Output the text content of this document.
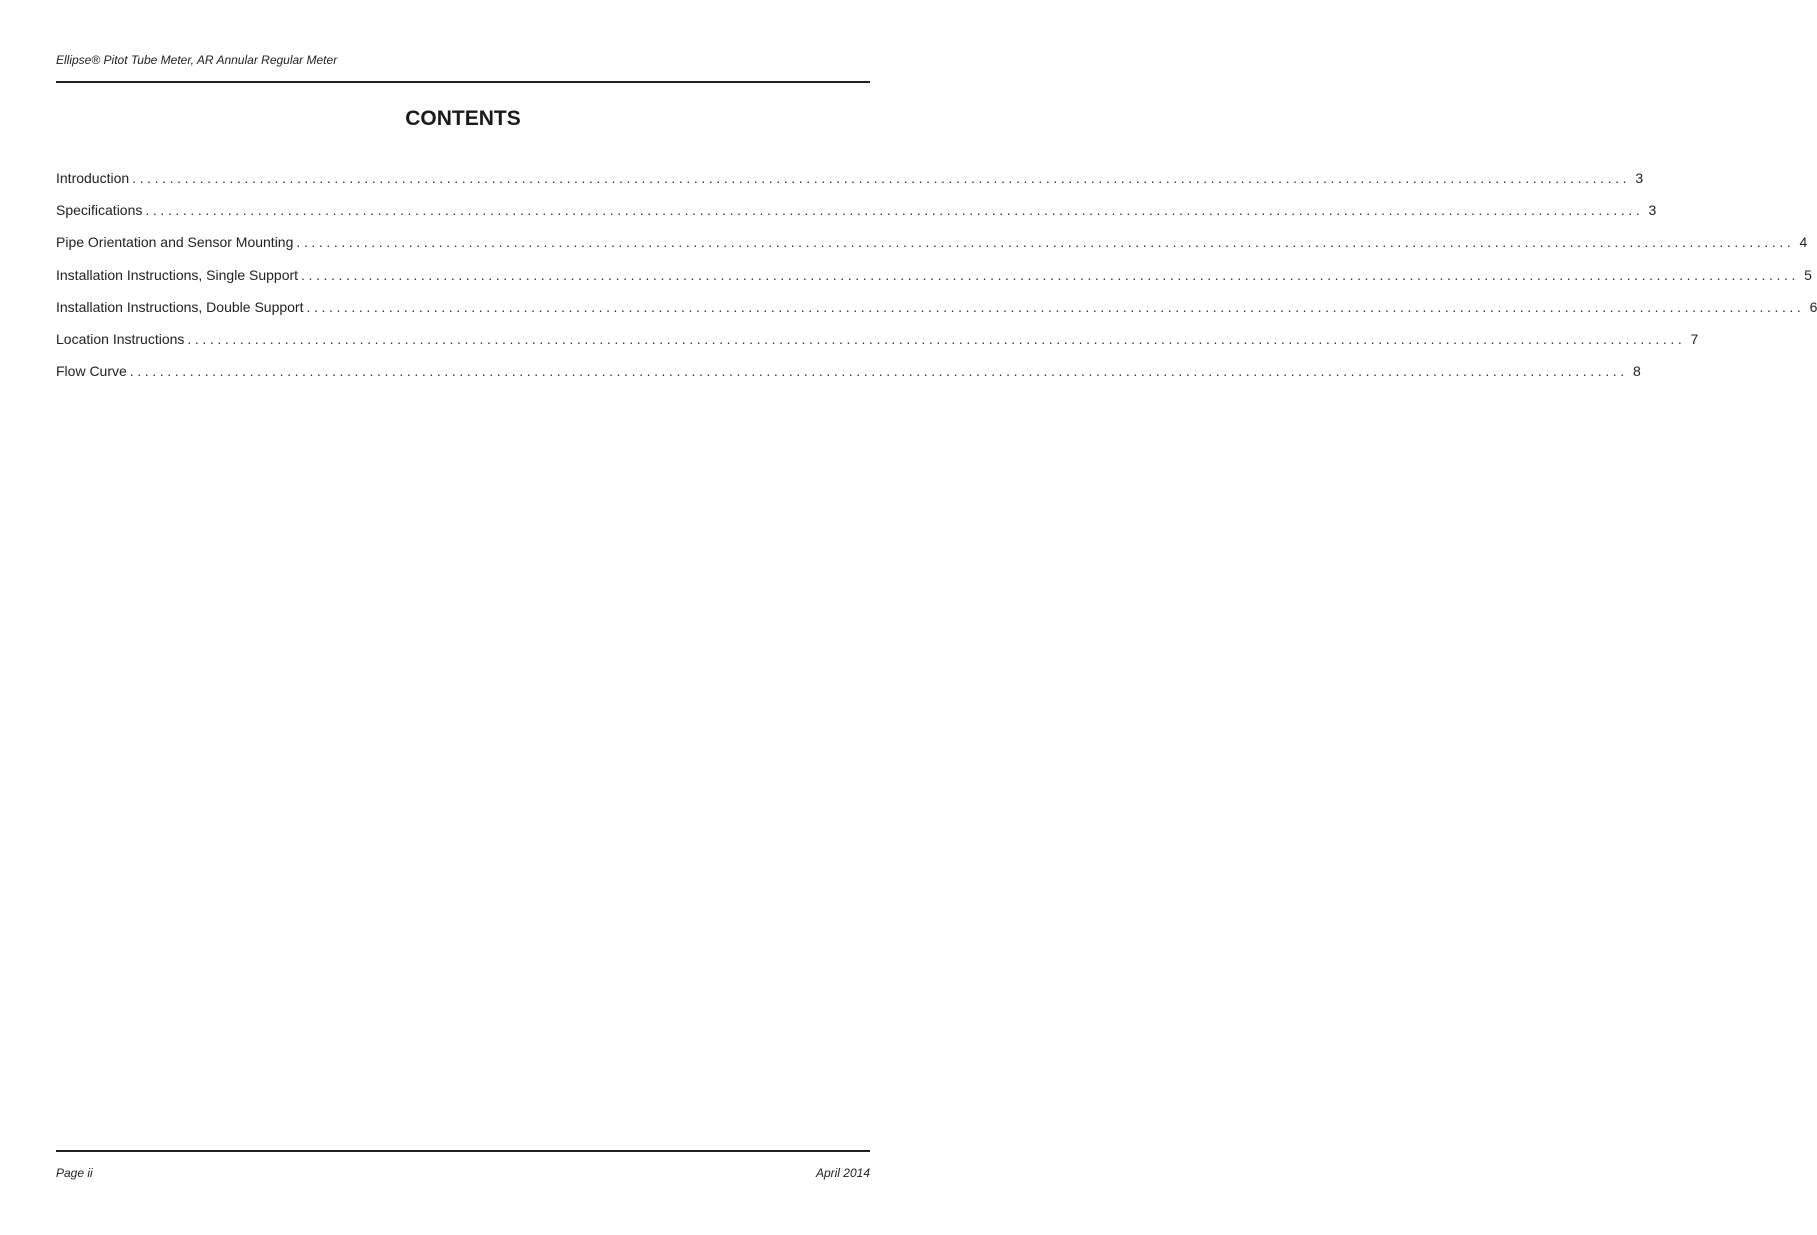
Ellipse® Pitot Tube Meter, AR Annular Regular Meter
CONTENTS
Introduction ........................................................................................................................................................................................................ 3
Specifications ........................................................................................................................................................................................................ 3
Pipe Orientation and Sensor Mounting ........................................................................................................................................................................................................ 4
Installation Instructions, Single Support ........................................................................................................................................................................................................ 5
Installation Instructions, Double Support ........................................................................................................................................................................................................ 6
Location Instructions ........................................................................................................................................................................................................ 7
Flow Curve ........................................................................................................................................................................................................ 8
Page ii	April 2014
